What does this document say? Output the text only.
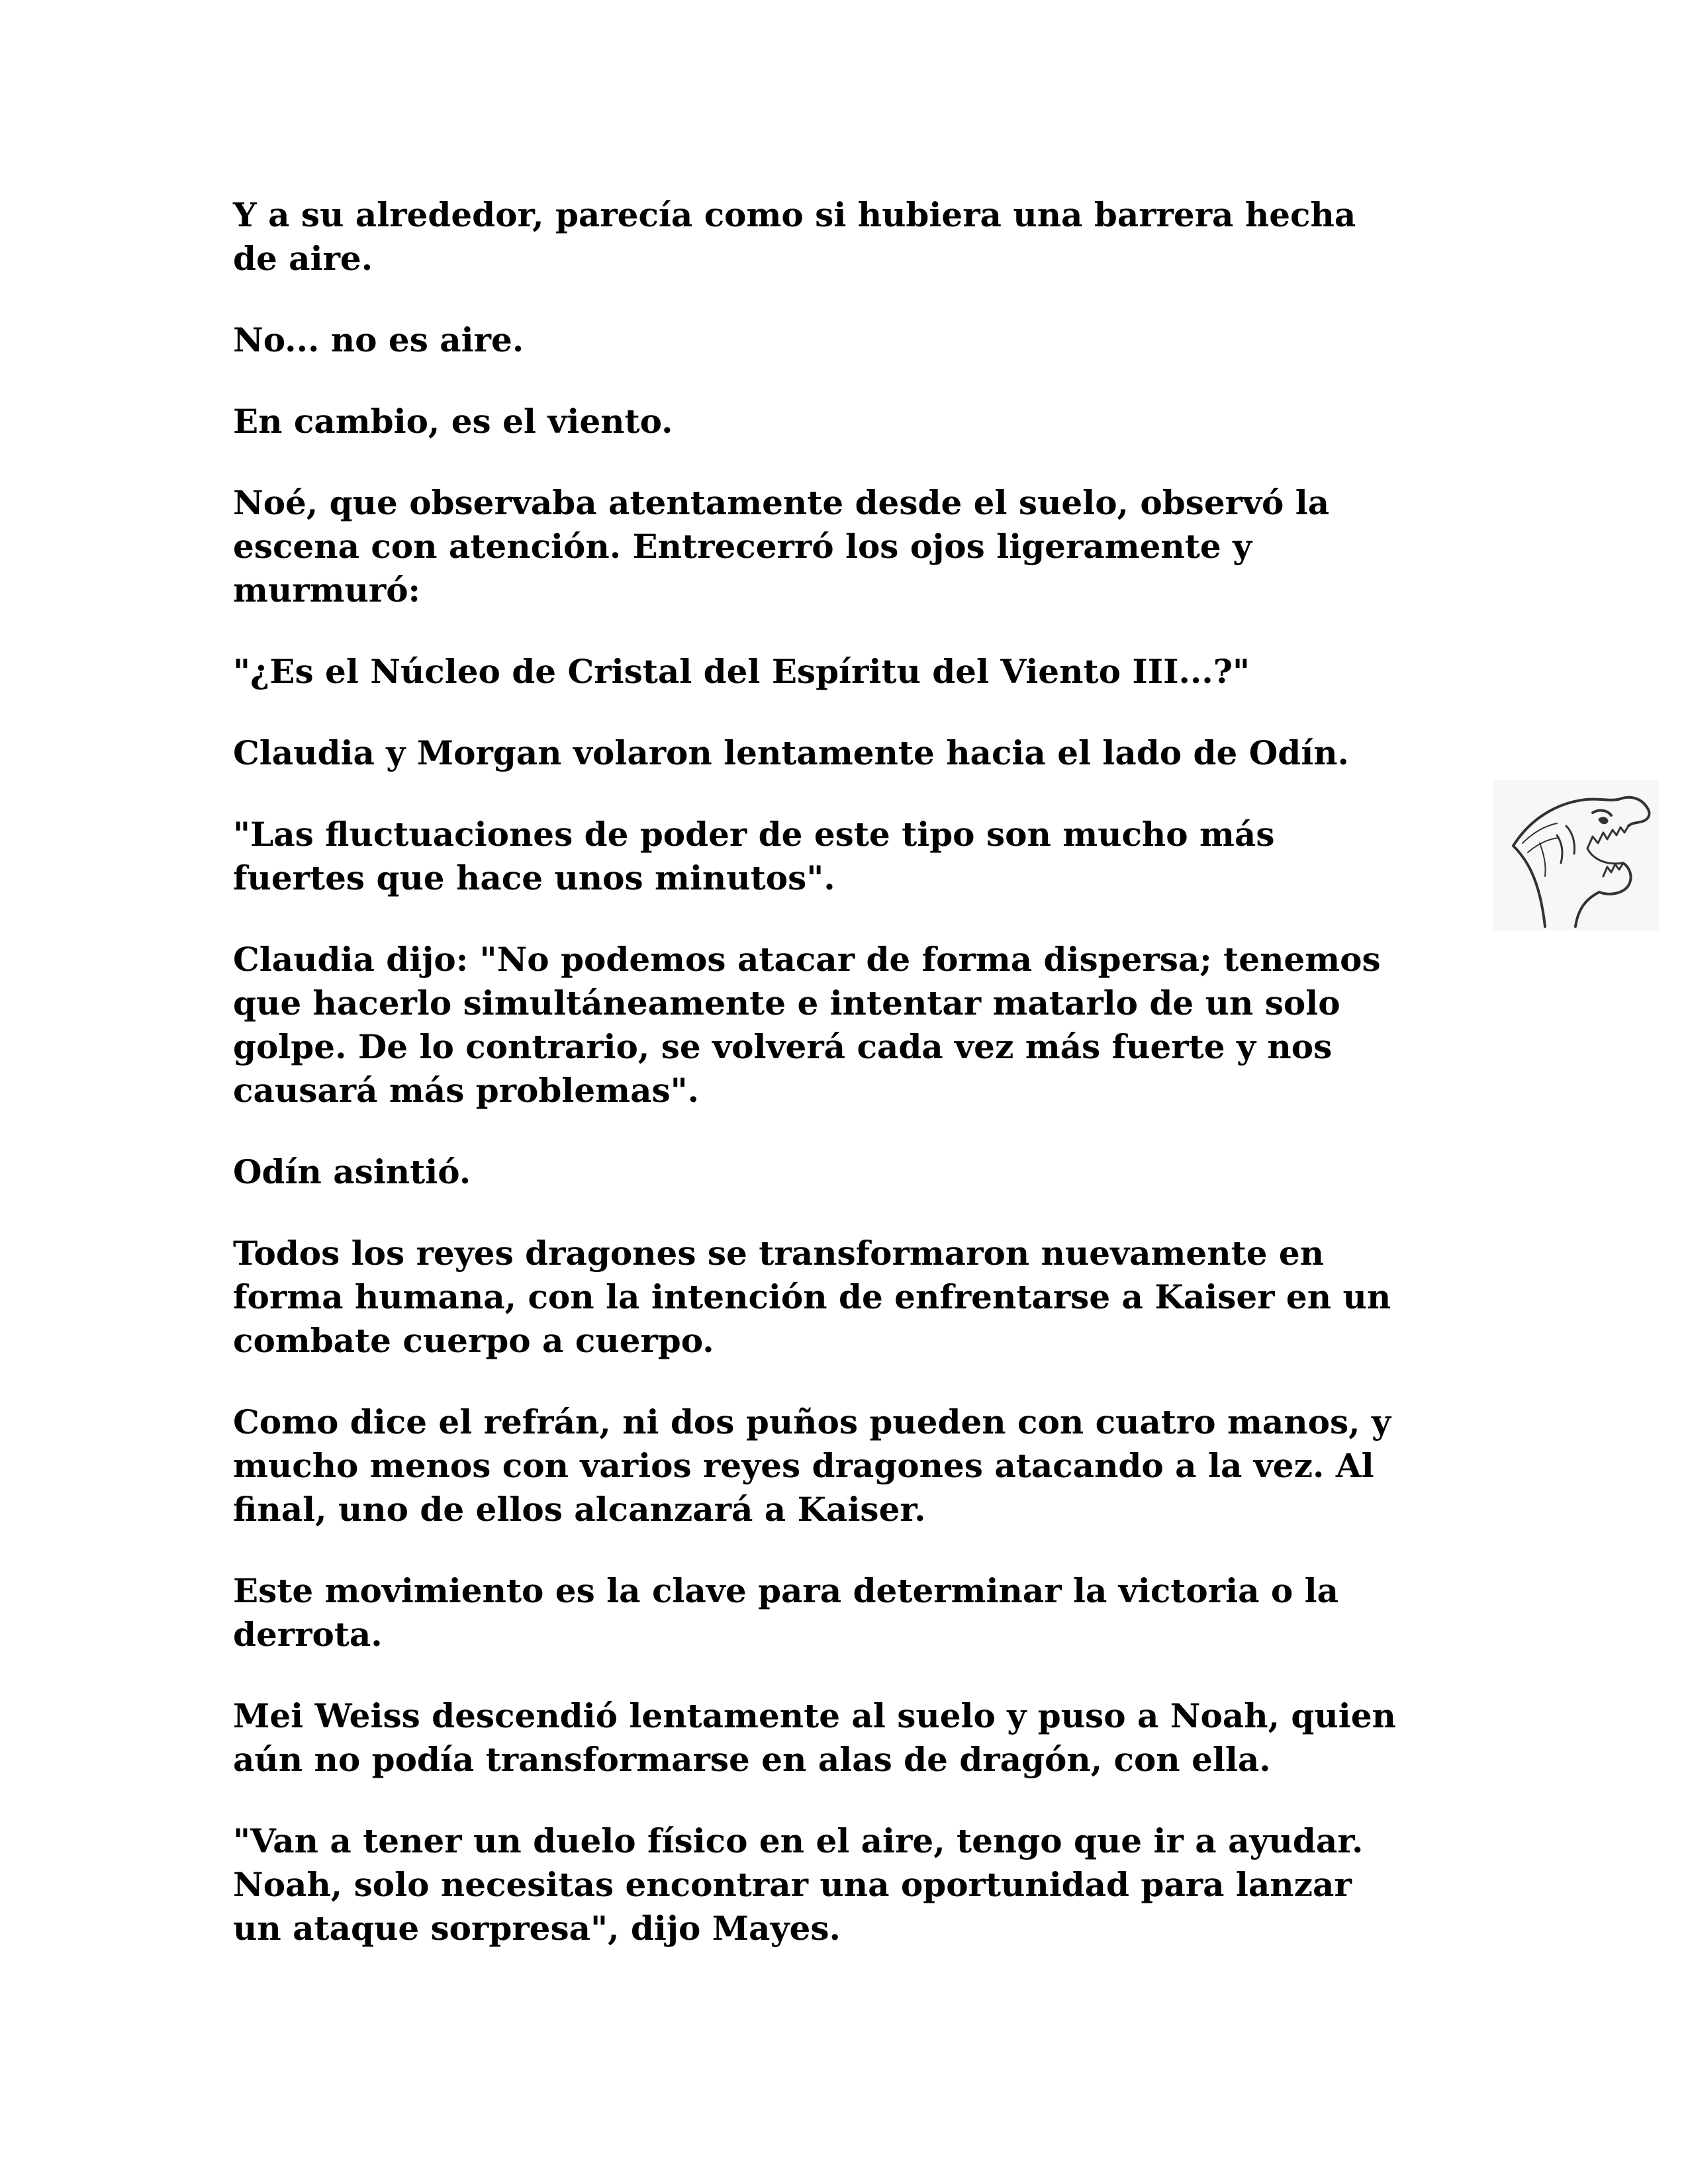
Y a su alrededor, parecía como si hubiera una barrera hecha
de aire.

No... no es aire.

En cambio, es el viento.

Noé, que observaba atentamente desde el suelo, observó la
escena con atención. Entrecerró los ojos ligeramente y
murmuró:

"¿Es el Núcleo de Cristal del Espíritu del Viento III...?"

Claudia y Morgan volaron lentamente hacia el lado de Odín.

"Las fluctuaciones de poder de este tipo son mucho más
fuertes que hace unos minutos".

Claudia dijo: "No podemos atacar de forma dispersa; tenemos
que hacerlo simultáneamente e intentar matarlo de un solo
golpe. De lo contrario, se volverá cada vez más fuerte y nos
causará más problemas".

Odín asintió.

Todos los reyes dragones se transformaron nuevamente en
forma humana, con la intención de enfrentarse a Kaiser en un
combate cuerpo a cuerpo.

Como dice el refrán, ni dos puños pueden con cuatro manos, y
mucho menos con varios reyes dragones atacando a la vez. Al
final, uno de ellos alcanzará a Kaiser.

Este movimiento es la clave para determinar la victoria o la
derrota.

Mei Weiss descendió lentamente al suelo y puso a Noah, quien
aún no podía transformarse en alas de dragón, con ella.

"Van a tener un duelo físico en el aire, tengo que ir a ayudar.
Noah, solo necesitas encontrar una oportunidad para lanzar
un ataque sorpresa", dijo Mayes.
